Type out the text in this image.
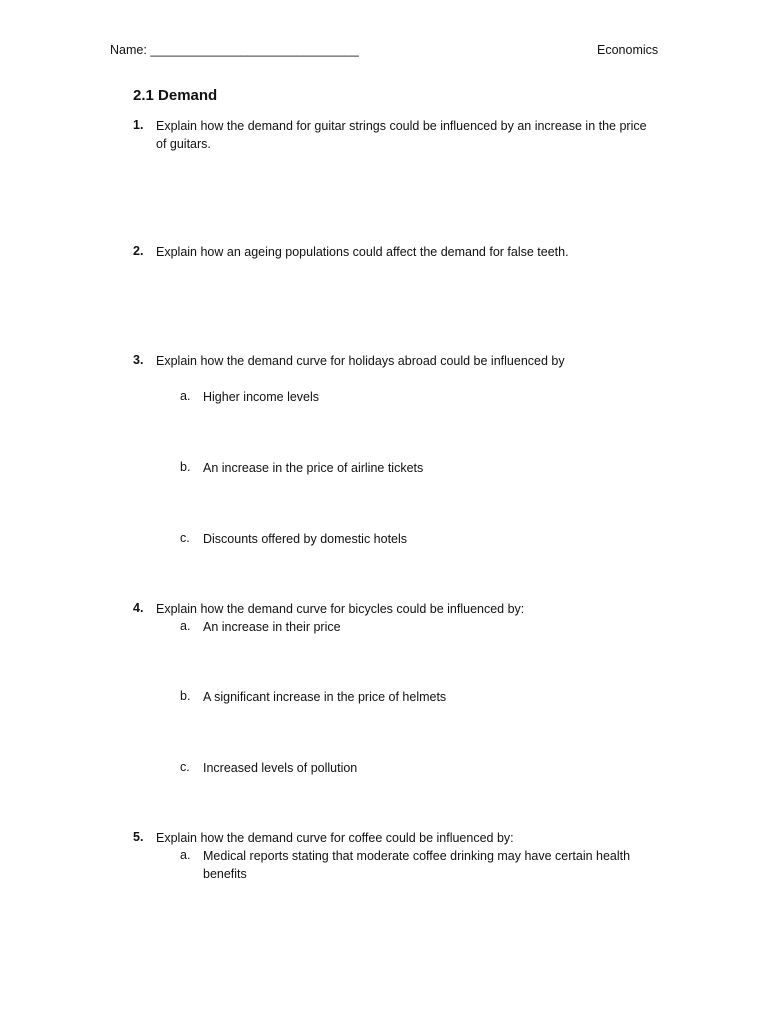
Name: ______________________________	Economics
2.1 Demand
1. Explain how the demand for guitar strings could be influenced by an increase in the price of guitars.
2. Explain how an ageing populations could affect the demand for false teeth.
3. Explain how the demand curve for holidays abroad could be influenced by
a. Higher income levels
b. An increase in the price of airline tickets
c. Discounts offered by domestic hotels
4. Explain how the demand curve for bicycles could be influenced by:
a. An increase in their price
b. A significant increase in the price of helmets
c. Increased levels of pollution
5. Explain how the demand curve for coffee could be influenced by:
a. Medical reports stating that moderate coffee drinking may have certain health benefits
